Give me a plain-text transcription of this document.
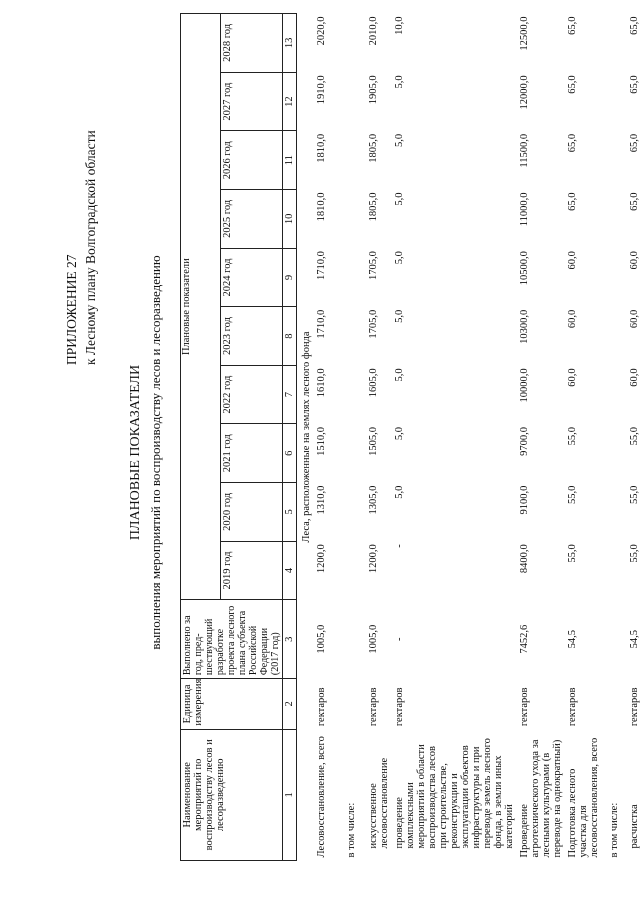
ПРИЛОЖЕНИЕ 27 к Лесному плану Волгоградской области
ПЛАНОВЫЕ ПОКАЗАТЕЛИ выполнения мероприятий по воспроизводству лесов и лесоразведению
Наименование мероприятий по воспроизводству лесов и лесоразведению	Единица измерения	Выполнено за год, пред-шествующий разработке проекта лесного плана субъекта Российской Федерации (2017 год)	Плановые показатели									
			2019 год	2020 год	2021 год	2022 год	2023 год	2024 год	2025 год	2026 год	2027 год	2028 год
1	2	3	4	5	6	7	8	9	10	11	12	13
Леса, расположенные на землях лесного фонда												
Лесовосстановление, всего	гектаров	1005,0	1200,0	1310,0	1510,0	1610,0	1710,0	1710,0	1810,0	1810,0	1910,0	2020,0
в том числе:												
искусственное лесовосстановление	гектаров	1005,0	1200,0	1305,0	1505,0	1605,0	1705,0	1705,0	1805,0	1805,0	1905,0	2010,0
проведение комплексными мероприятий в области воспроизводства лесов при строительстве, реконструкции и эксплуатации объектов инфраструктуры и при переводе земель лесного фонда, в земли иных категорий	гектаров	-	-	5,0	5,0	5,0	5,0	5,0	5,0	5,0	5,0	10,0
Проведение агротехнического ухода за лесными культурами (в переводе на однократный)	гектаров	7452,6	8400,0	9100,0	9700,0	10000,0	10300,0	10500,0	11000,0	11500,0	12000,0	12500,0
Подготовка лесного участка для лесовосстановления, всего	гектаров	54,5	55,0	55,0	55,0	60,0	60,0	60,0	65,0	65,0	65,0	65,0
в том числе:												
расчистка	гектаров	54,5	55,0	55,0	55,0	60,0	60,0	60,0	65,0	65,0	65,0	65,0
